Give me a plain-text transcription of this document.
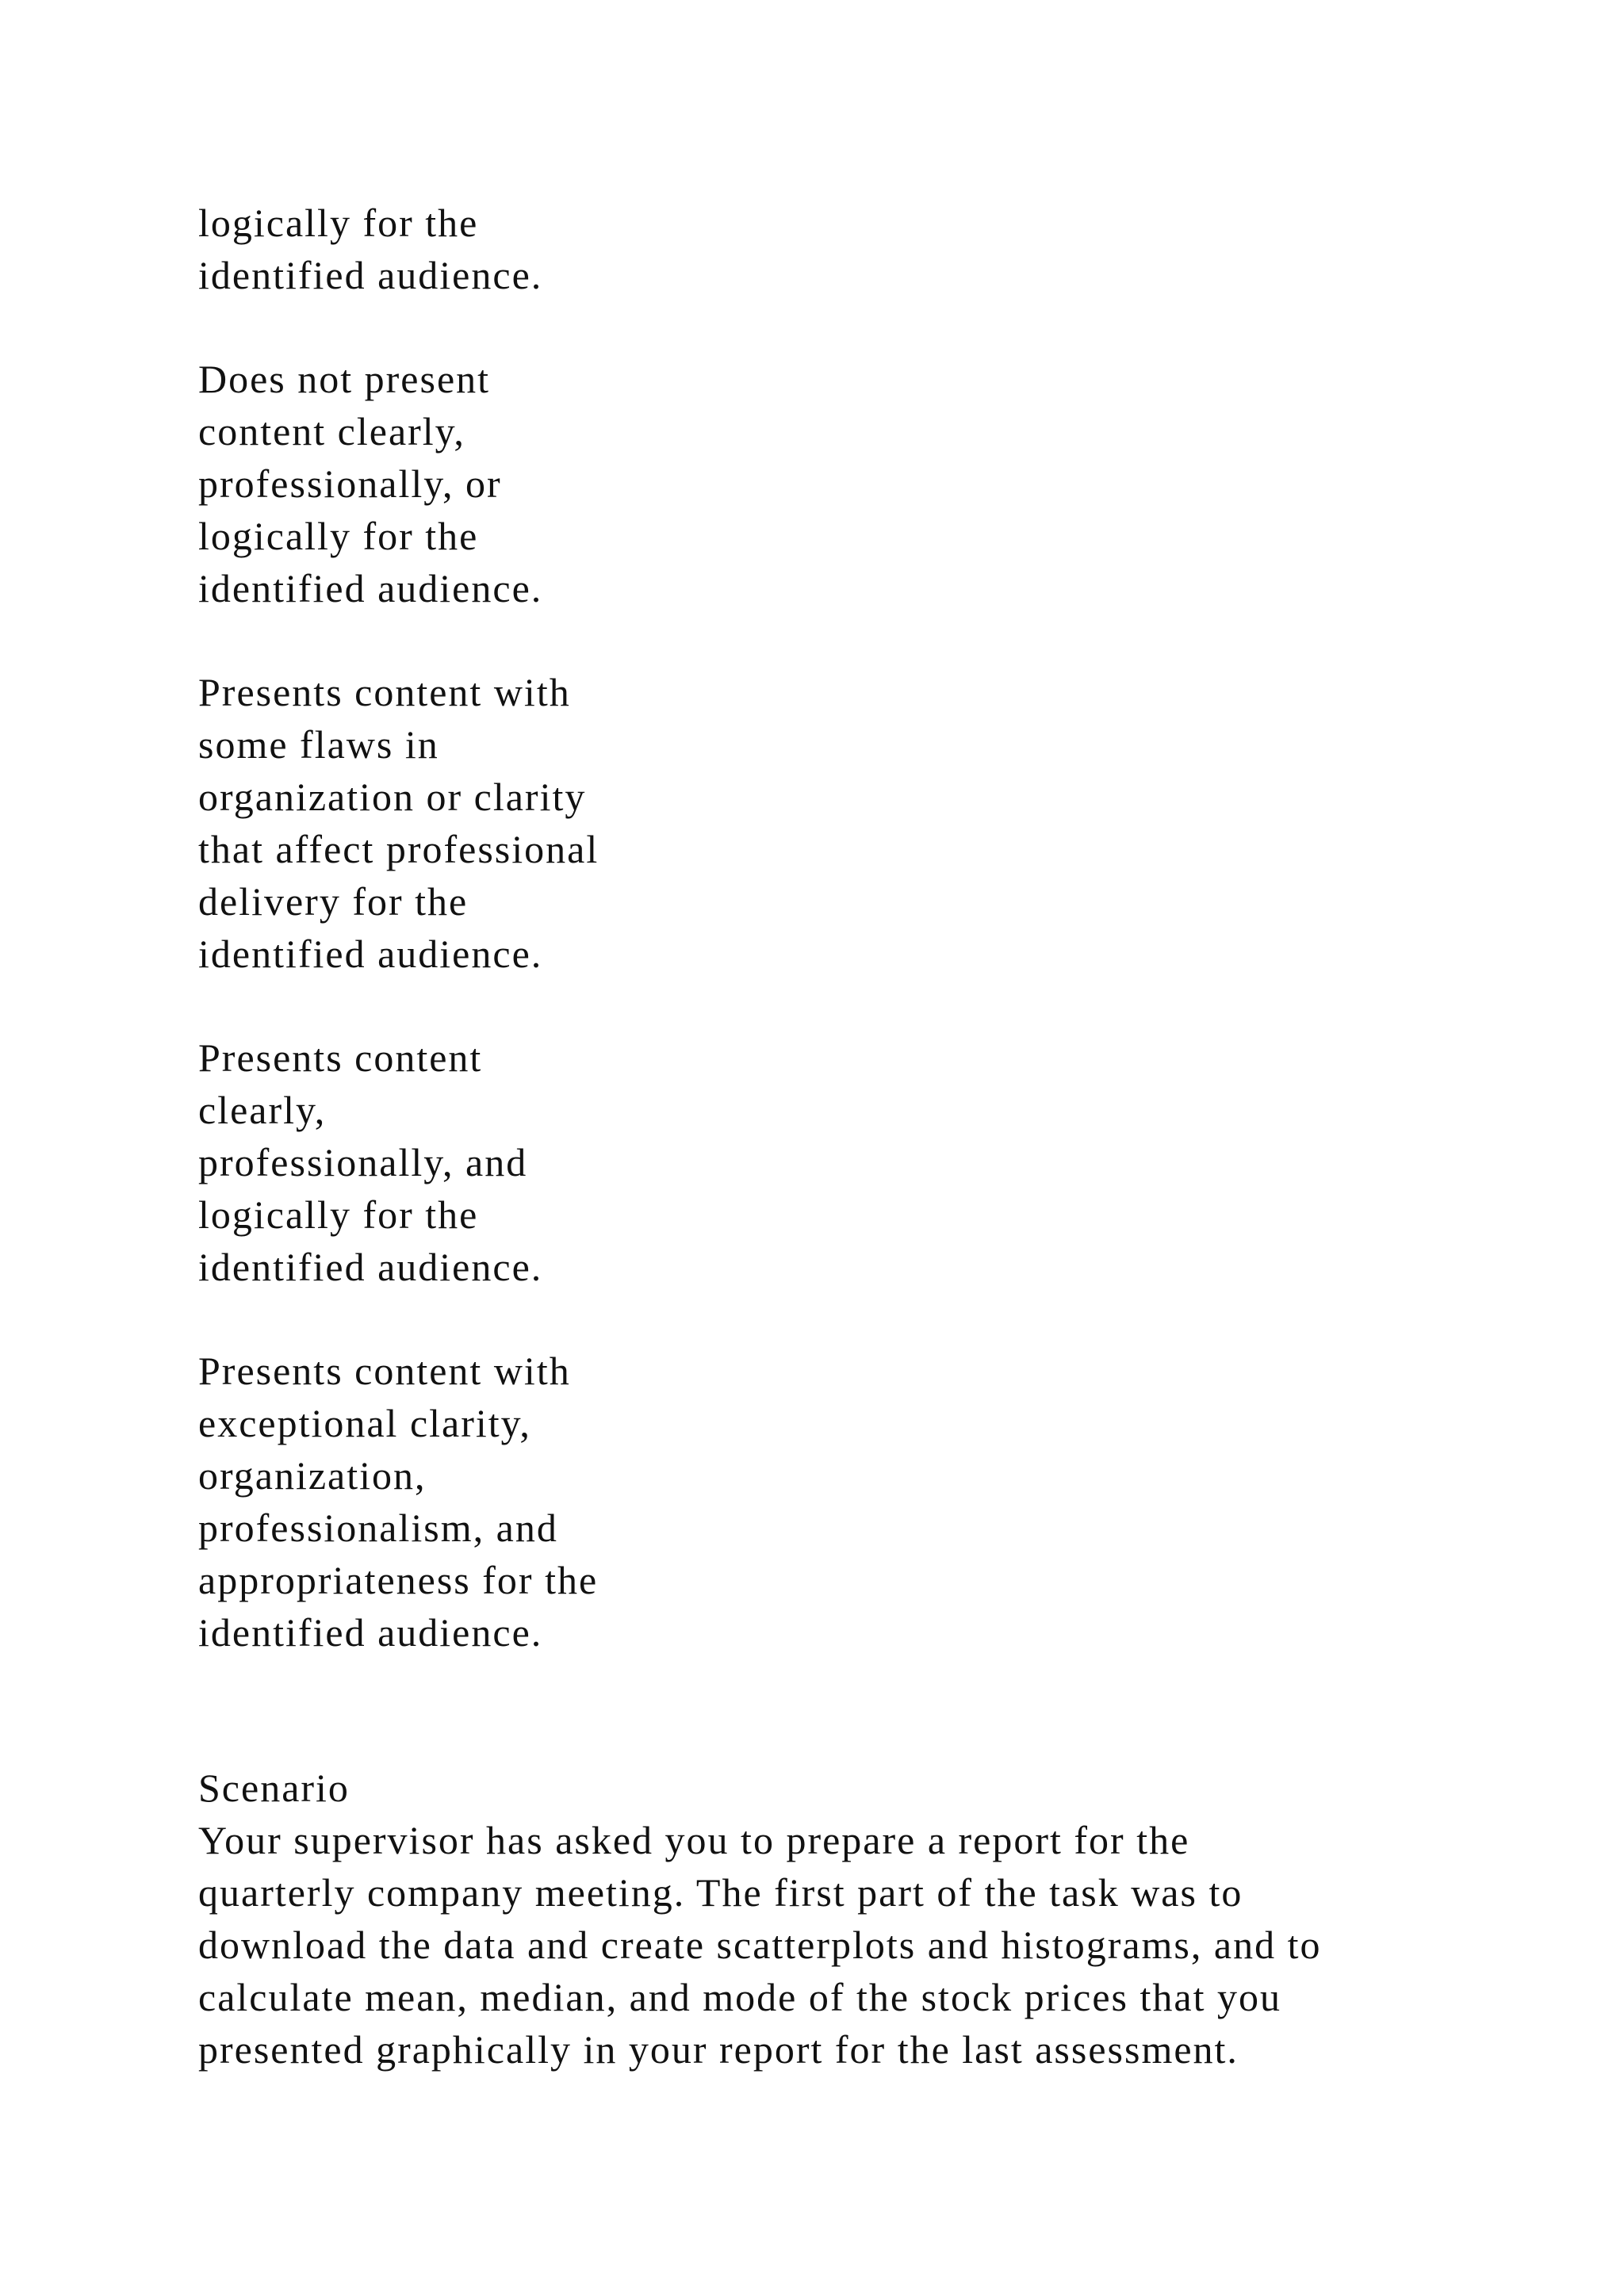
logically for the
identified audience.
Does not present
content clearly,
professionally, or
logically for the
identified audience.
Presents content with
some flaws in
organization or clarity
that affect professional
delivery for the
identified audience.
Presents content
clearly,
professionally, and
logically for the
identified audience.
Presents content with
exceptional clarity,
organization,
professionalism, and
appropriateness for the
identified audience.
Scenario
Your supervisor has asked you to prepare a report for the
quarterly company meeting. The first part of the task was to
download the data and create scatterplots and histograms, and to
calculate mean, median, and mode of the stock prices that you
presented graphically in your report for the last assessment.
